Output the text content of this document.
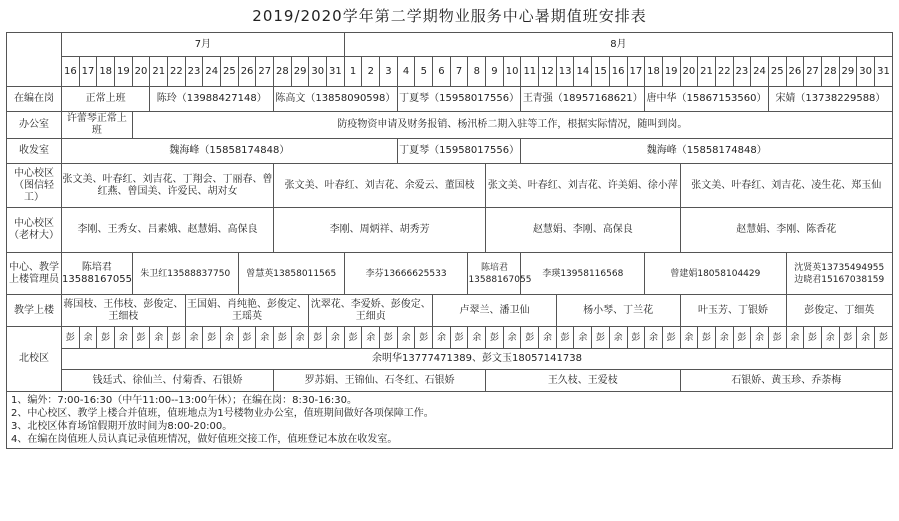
2019/2020学年第二学期物业服务中心暑期值班安排表
	7月																8月																														
	16	17	18	19	20	21	22	23	24	25	26	27	28	29	30	31	1	2	3	4	5	6	7	8	9	10	11	12	13	14	15	16	17	18	19	20	21	22	23	24	25	26	27	28	29	30	31
在编在岗	正常上班					陈玲（13988427148）							陈高文（13858090598）							丁夏琴（15958017556）							王青强（18957168621）							唐中华（15867153560）							宋婧（13738229588）						
办公室	许蕾琴正常上班				防疫物资申请及财务报销、杨汛桥二期入驻等工作，根据实际情况，随叫到岗。																																										
收发室	魏海峰（15858174848）																			丁夏琴（15958017556）							魏海峰（15858174848）																				
中心校区（图信轻工）	张文美、叶春红、刘吉花、丁翔会、丁丽春、曾红燕、曾国美、许爱民、胡对女												张文美、叶春红、刘吉花、余爱云、董国枝												张文美、叶春红、刘吉花、许美娟、徐小萍											张文美、叶春红、刘吉花、凌生花、郑玉仙											
中心校区（老材大）	李刚、王秀女、吕素娥、赵慧娟、高保良												李刚、周炳祥、胡秀芳												赵慧娟、李刚、高保良											赵慧娟、李刚、陈香花											
中心、教学上楼管理员	陈培君13588167055				朱卫红13588837750						曾慧英13858011565						李芬13666625533							陈培君13588167055			李瑛13958116568							曾建娟18058104429								沈贤英13735494955
边晓君15167038159					
教学上楼	蒋国枝、王伟枝、彭俊定、王细枝							王国娟、肖纯艳、彭俊定、王瑶英							沈翠花、李爱娇、彭俊定、王细贞							卢翠兰、潘卫仙							杨小琴、丁兰花							叶玉芳、丁银娇						彭俊定、丁细英					
北校区	彭	余	彭	余	彭	余	彭	余	彭	余	彭	余	彭	余	彭	余	彭	余	彭	余	彭	余	彭	余	彭	余	彭	余	彭	余	彭	余	彭	余	彭	余	彭	余	彭	余	彭	余	彭	余	彭	余	彭
	余明华13777471389、彭文玉18057141738																																														
	钱廷式、徐仙兰、付菊香、石银娇												罗苏娟、王锦仙、石冬红、石银娇												王久枝、王爱枝											石银娇、黄玉珍、乔荼梅											
1、编外：7:00-16:30（中午11:00--13:00午休）；在编在岗：8:30-16:30。
2、中心校区、教学上楼合并值班，值班地点为1号楼物业办公室，值班期间做好各项保障工作。
3、北校区体育场馆假期开放时间为8:00-20:00。
4、在编在岗值班人员认真记录值班情况，做好值班交接工作，值班登记本放在收发室。
